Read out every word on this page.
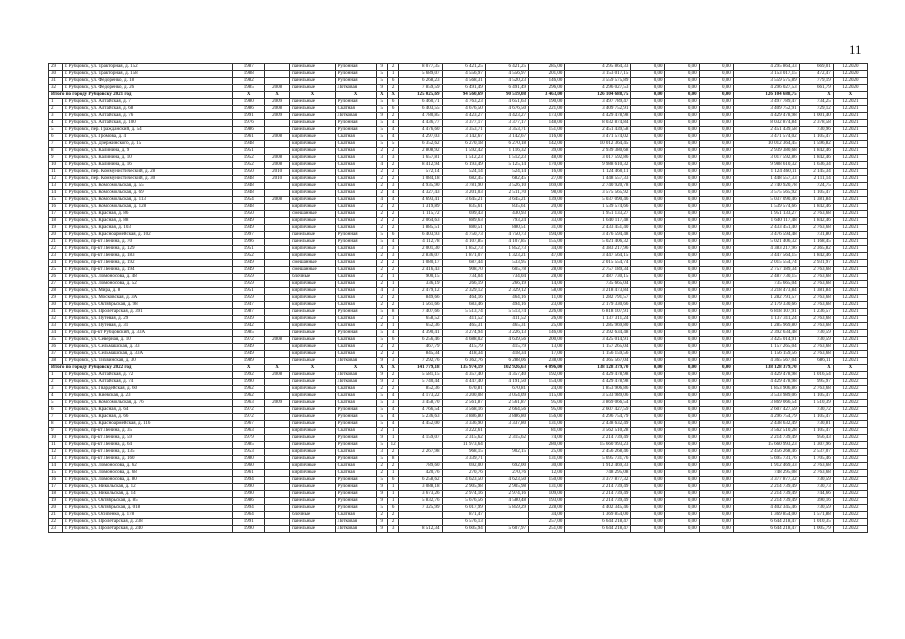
11
29	г. Рубцовск, ул. Тракторная, д. 152	1987		панельные	Рулонная	9	2	8 077,35	6 421,25	6 421,25	285,00	4 295 864,33	0,00	0,00	0,00	4 295 864,33	669,01	12.2020
30	г. Рубцовск, ул. Тракторная, д. 158	1988		панельные	Рулонная	5	1	5 689,07	4 556,97	4 556,97	201,00	3 153 017,15	0,00	0,00	0,00	3 153 017,15	472,47	12.2020
31	г. Рубцовск, ул. Федоренко, д. 18	1982		панельные	Рулонная	5	6	6 268,23	4 568,31	4 520,23	146,00	3 559 575,89	0,00	0,00	0,00	3 559 575,89	779,19	12.2020
32	г. Рубцовск, ул. Федоренко, д. 26	1985	2008	панельные	Лотковая	9	2	7 859,59	6 491,49	6 491,49	296,00	4 296 027,53	0,00	0,00	0,00	4 296 027,53	661,79	12.2020
Итого по городу Рубцовску 2021 год		X	X	X	X	X	X	125 025,69	94 560,69	90 519,08	3 463,00	126 104 688,75	0,00	0,00	0,00	126 104 688,75	X	X
1	г. Рубцовск, ул. Алтайская, д. 7	1980	2009	панельные	Рулонная	5	6	6 460,71	4 763,23	4 651,63	190,00	3 497 789,47	0,00	0,00	0,00	3 497 789,47	734,25	12.2021
2	г. Рубцовск, ул. Алтайская, д. 68	1986	2008	панельные	Скатная	5	6	6 403,55	4 676,50	4 676,50	221,00	3 409 752,91	0,00	0,00	0,00	3 409 752,91	729,12	12.2021
3	г. Рубцовск, ул. Алтайская, д. 76	1991	2009	панельные	Лотковая	9	2	4 780,85	4 423,27	4 423,27	173,00	4 429 478,98	0,00	0,00	0,00	4 429 478,98	1 001,40	12.2021
4	г. Рубцовск, ул. Алтайская, д. 100	1976		панельные	Рулонная	5	4	4 436,77	3 377,17	3 377,17	148,00	8 032 874,84	0,00	0,00	0,00	8 032 874,84	2 378,58	12.2021
5	г. Рубцовск, пер. Гражданский, д. 54	1986		панельные	Рулонная	5	4	4 476,60	3 353,71	3 353,71	151,00	2 451 439,58	0,00	0,00	0,00	2 451 439,58	730,96	12.2021
6	г. Рубцовск, ул. Громова, д. 4	1961	2008	кирпичные	Скатная	5	4	4 297,03	3 142,67	3 142,67	116,00	3 471 574,02	0,00	0,00	0,00	3 471 574,02	1 105,47	12.2021
7	г. Рубцовск, ул. Дзержинского, д. 15	1948		кирпичные	Скатная	5	5	6 352,62	6 270,18	6 270,18	142,00	10 012 364,45	0,00	0,00	0,00	10 012 364,45	1 596,82	12.2021
8	г. Рубцовск, ул. Калинина, д. 9	1951		кирпичные	Скатная	2	2	2 808,92	1 592,42	1 116,32	39,00	2 939 380,68	0,00	0,00	0,00	2 939 380,68	1 842,46	12.2021
9	г. Рубцовск, ул. Калинина, д. 10	1952	2008	кирпичные	Скатная	3	3	1 657,81	1 512,23	1 512,23	48,00	3 017 592,86	0,00	0,00	0,00	3 017 592,86	1 842,46	12.2021
10	г. Рубцовск, ул. Калинина, д. 16	1952	2008	кирпичные	Скатная	4	2	8 412,94	6 193,49	5 125,14	170,00	9 988 610,32	0,00	0,00	0,00	9 988 610,32	1 636,34	12.2021
11	г. Рубцовск, пер. Коммунистический, д. 28	1950	2010	кирпичные	Скатная	2	2	572,14	524,14	524,14	16,00	1 124 460,11	0,00	0,00	0,00	1 124 460,11	2 145,34	12.2021
12	г. Рубцовск, пер. Коммунистический, д. 30	1948	2010	кирпичные	Скатная	2	2	1 084,18	682,45	682,45	27,00	1 448 557,33	0,00	0,00	0,00	1 448 557,33	2 111,14	12.2021
13	г. Рубцовск, ул. Комсомольская, д. 55	1948		кирпичные	Скатная	2	3	4 935,90	3 781,90	3 526,10	169,00	2 740 920,78	0,00	0,00	0,00	2 740 920,78	724,75	12.2021
14	г. Рубцовск, ул. Комсомольская, д. 69	1948		кирпичные	Скатная	2	4	4 327,43	3 201,03	2 511,70	98,00	3 575 565,92	0,00	0,00	0,00	3 575 565,92	1 105,47	12.2021
15	г. Рубцовск, ул. Комсомольская, д. 113	1954	2008	кирпичные	Скатная	4	4	4 693,41	3 645,21	3 645,21	139,00	5 037 090,46	0,00	0,00	0,00	5 037 090,46	1 381,84	12.2021
16	г. Рубцовск, ул. Комсомольская, д. 128	1948		кирпичные	Скатная	2	2	1 319,89	835,61	835,61	20,00	1 539 574,66	0,00	0,00	0,00	1 539 574,66	1 842,46	12.2021
17	г. Рубцовск, ул. Красная, д. 86	1950		смешанные	Скатная	2	2	1 115,72	699,43	430,93	20,00	1 951 133,27	0,00	0,00	0,00	1 951 133,27	2 763,68	12.2021
18	г. Рубцовск, ул. Красная, д. 88	1949		кирпичные	Скатная	2	2	2 064,63	889,63	793,24	33,00	1 640 117,48	0,00	0,00	0,00	1 640 117,48	1 842,46	12.2021
19	г. Рубцовск, ул. Красная, д. 103	1949		кирпичные	Скатная	2	2	1 885,51	880,51	880,51	31,00	2 433 451,40	0,00	0,00	0,00	2 433 451,40	2 763,68	12.2021
20	г. Рубцовск, ул. Красноармейская, д. 102	1997		панельные	Рулонная	5	6	6 403,93	4 750,73	4 750,73	194,00	3 476 594,48	0,00	0,00	0,00	3 476 594,48	731,80	12.2021
21	г. Рубцовск, пр-кт Ленина, д. 70	1996		панельные	Рулонная	5	4	4 112,78	4 107,85	4 107,85	155,00	5 021 406,32	0,00	0,00	0,00	5 021 406,32	1 168,45	12.2021
22	г. Рубцовск, пр-кт Ленина, д. 129	1951		кирпичные	Скатная	3	3	2 001,30	1 852,73	1 852,73	34,00	4 383 217,96	0,00	0,00	0,00	4 383 217,96	2 365,82	12.2021
23	г. Рубцовск, пр-кт Ленина, д. 183	1952		кирпичные	Скатная	2	3	2 836,07	1 871,07	1 323,21	47,00	3 447 564,15	0,00	0,00	0,00	3 447 564,15	1 842,46	12.2021
24	г. Рубцовск, пр-кт Ленина, д. 192	1949		смешанные	Скатная	2	2	1 080,17	687,44	533,95	19,00	2 015 554,74	0,00	0,00	0,00	2 015 554,74	2 931,97	12.2021
25	г. Рубцовск, пр-кт Ленина, д. 194	1949		смешанные	Скатная	2	2	2 416,43	908,70	605,78	28,00	2 757 189,34	0,00	0,00	0,00	2 757 189,34	2 763,68	12.2021
26	г. Рубцовск, ул. Ломоносова, д. 48	1959		блочные	Скатная	2	1	900,15	734,04	734,04	28,00	2 487 730,15	0,00	0,00	0,00	2 487 730,15	2 763,68	12.2021
27	г. Рубцовск, ул. Ломоносова, д. 52	1959		кирпичные	Скатная	2	1	336,19	266,19	266,19	14,00	735 665,04	0,00	0,00	0,00	735 665,04	2 763,68	12.2021
28	г. Рубцовск, ул. Мира, д. 8	1951		кирпичные	Скатная	4	3	2 479,12	2 329,12	2 329,12	58,00	3 218 473,84	0,00	0,00	0,00	3 218 473,84	1 381,84	12.2021
29	г. Рубцовск, ул. Московская, д. 3А	1959		кирпичные	Скатная	2	2	849,66	464,16	464,16	11,00	1 282 791,57	0,00	0,00	0,00	1 282 791,57	2 763,68	12.2021
30	г. Рубцовск, ул. Октябрьская, д. 98	1947		кирпичные	Скатная	2	2	1 561,66	683,46	494,16	23,00	2 179 330,66	0,00	0,00	0,00	2 179 330,66	2 763,68	12.2021
31	г. Рубцовск, ул. Пролетарская, д. 391	1987		панельные	Рулонная	5	8	7 407,66	5 513,74	5 513,74	226,00	6 818 107,91	0,00	0,00	0,00	6 818 107,91	1 236,57	12.2021
32	г. Рубцовск, ул. Путевая, д. 29	1939		кирпичные	Скатная	2	1	658,52	411,52	411,52	26,00	1 137 311,24	0,00	0,00	0,00	1 137 311,24	2 763,68	12.2021
33	г. Рубцовск, ул. Путевая, д. 31	1942		кирпичные	Скатная	2	1	652,36	465,31	465,31	25,00	1 285 969,80	0,00	0,00	0,00	1 285 969,80	2 763,68	12.2021
34	г. Рубцовск, пр-кт Рубцовский, д. 33А	1985		панельные	Рулонная	5	4	4 390,41	3 274,94	3 226,13	146,00	2 392 634,48	0,00	0,00	0,00	2 392 634,48	730,59	12.2021
35	г. Рубцовск, ул. Северная, д. 10	1972	2008	панельные	Скатная	5	6	6 256,46	4 688,02	4 639,56	200,00	3 425 014,91	0,00	0,00	0,00	3 425 014,91	730,59	12.2021
36	г. Рубцовск, ул. Сельмашская, д. 33	1949		кирпичные	Скатная	2	2	467,79	415,79	415,79	13,00	1 157 265,04	0,00	0,00	0,00	1 157 265,04	2 763,68	12.2021
37	г. Рубцовск, ул. Сельмашская, д. 33А	1949		кирпичные	Скатная	2	2	845,34	418,34	418,34	17,00	1 156 159,56	0,00	0,00	0,00	1 156 159,56	2 763,68	12.2021
38	г. Рубцовск, ул. Тихвинская, д. 30	1989		панельные	Лотковая	9	3	7 292,76	6 362,76	6 288,06	238,00	4 365 567,04	0,00	0,00	0,00	4 365 567,04	686,11	12.2021
Итого по городу Рубцовску 2022 год		X	X	X	X	X	X	141 779,18	135 974,19	102 926,63	4 096,00	138 128 379,70	0,00	0,00	0,00	138 128 379,70	X	X
1	г. Рубцовск, ул. Алтайская, д. 72	1992	2008	панельные	Лотковая	9	2	5 581,15	4 357,40	4 357,40	192,00	4 429 478,98	0,00	0,00	0,00	4 429 478,98	1 016,54	12.2022
2	г. Рубцовск, ул. Алтайская, д. 74	1990		панельные	Лотковая	9	2	5 740,44	4 447,40	4 191,50	154,00	4 429 478,98	0,00	0,00	0,00	4 429 478,98	995,97	12.2022
3	г. Рубцовск, ул. Гвардейская, д. 60	1962		кирпичные	Скатная	2	2	852,36	670,81	670,81	24,00	1 853 906,86	0,00	0,00	0,00	1 853 906,86	2 763,68	12.2022
4	г. Рубцовск, ул. Киевская, д. 23	1962		кирпичные	Скатная	5	4	4 173,22	3 200,08	3 054,09	115,00	3 533 989,06	0,00	0,00	0,00	3 533 989,06	1 105,47	12.2022
5	г. Рубцовск, ул. Комсомольская, д. 76	1963	2009	панельные	Скатная	5	3	3 458,70	2 561,87	2 561,87	95,00	3 869 066,54	0,00	0,00	0,00	3 869 066,54	1 510,39	12.2022
6	г. Рубцовск, ул. Красная, д. 64	1972		панельные	Рулонная	5	4	4 766,54	3 568,16	2 664,56	95,00	2 607 427,59	0,00	0,00	0,00	2 607 427,59	730,72	12.2022
7	г. Рубцовск, ул. Красная, д. 66	1972		панельные	Рулонная	5	4	5 236,63	3 886,80	3 886,80	156,00	4 296 754,79	0,00	0,00	0,00	4 296 754,79	1 105,47	12.2022
8	г. Рубцовск, ул. Красноармейская, д. 116	1967		панельные	Рулонная	5	4	4 452,00	3 336,90	3 337,80	131,00	2 438 632,49	0,00	0,00	0,00	2 438 632,49	730,81	12.2022
9	г. Рубцовск, пр-кт Ленина, д. 35	1963		кирпичные	Скатная	2	1		3 222,61		81,00	3 562 510,28	0,00	0,00	0,00	3 562 510,28	1 105,47	12.2022
10	г. Рубцовск, пр-кт Ленина, д. 59	1979		панельные	Рулонная	9	1	4 159,07	2 315,62	2 315,62	74,00	2 214 739,49	0,00	0,00	0,00	2 214 739,49	956,43	12.2022
11	г. Рубцовск, пр-кт Ленина, д. 64	1985		панельные	Рулонная	5	12		11 973,64		280,00	15 660 993,23	0,00	0,00	0,00	15 660 993,23	1 307,96	12.2022
12	г. Рубцовск, пр-кт Ленина, д. 135	1953		кирпичные	Скатная	3	2	2 267,98	968,15	902,15	25,00	2 456 268,46	0,00	0,00	0,00	2 456 268,46	2 537,07	12.2022
13	г. Рубцовск, пр-кт Ленина, д. 160	1980		панельные	Рулонная	5	8		3 339,71		131,00	5 695 731,76	0,00	0,00	0,00	5 695 731,76	1 705,46	12.2022
14	г. Рубцовск, ул. Ломоносова, д. 62	1960		кирпичные	Скатная	2	2	789,60	692,00	692,00	30,00	1 912 469,33	0,00	0,00	0,00	1 912 469,33	2 763,68	12.2022
15	г. Рубцовск, ул. Ломоносова, д. 68	1961		кирпичные	Скатная	2	1	420,76	270,76	270,76	12,00	748 295,08	0,00	0,00	0,00	748 295,08	2 763,68	12.2022
16	г. Рубцовск, ул. Ломоносова, д. 80	1994		панельные	Рулонная	5	6	6 258,62	4 623,50	4 623,50	150,00	3 377 877,32	0,00	0,00	0,00	3 377 877,32	730,59	12.2022
17	г. Рубцовск, ул. Никольская, д. 12	1990		панельные	Рулонная	9	1	3 088,18	2 905,98	2 905,98	131,00	2 214 739,49	0,00	0,00	0,00	2 214 739,49	730,73	12.2022
18	г. Рубцовск, ул. Никольская, д. 14	1990		панельные	Рулонная	9	1	3 673,26	2 974,16	2 974,16	109,00	2 214 739,49	0,00	0,00	0,00	2 214 739,49	744,66	12.2022
19	г. Рубцовск, ул. Октябрьская, д. 85	1986		панельные	Рулонная	9	1	5 832,76	5 676,56	4 580,48	193,00	2 214 739,49	0,00	0,00	0,00	2 214 739,49	390,16	12.2022
20	г. Рубцовск, ул. Октябрьская, д. 018	1994		панельные	Рулонная	5	6	7 325,99	6 017,99	5 859,29	228,00	4 402 345,46	0,00	0,00	0,00	4 402 345,46	730,59	12.2022
21	г. Рубцовск, ул. Осипенко, д. 178	1964		блочные	Скатная	2	2		871,47		34,00	1 369 854,00	0,00	0,00	0,00	1 369 854,00	1 571,88	12.2022
22	г. Рубцовск, ул. Пролетарская, д. 238	1991		панельные	Лотковая	9	2		6 576,13		257,00	6 644 218,47	0,00	0,00	0,00	6 644 218,47	1 010,35	12.2022
23	г. Рубцовск, ул. Пролетарская, д. 240	1990		панельные	Лотковая	9	3	8 512,34	6 605,94	5 607,97	251,00	6 644 218,47	0,00	0,00	0,00	6 644 218,47	1 005,79	12.2022
